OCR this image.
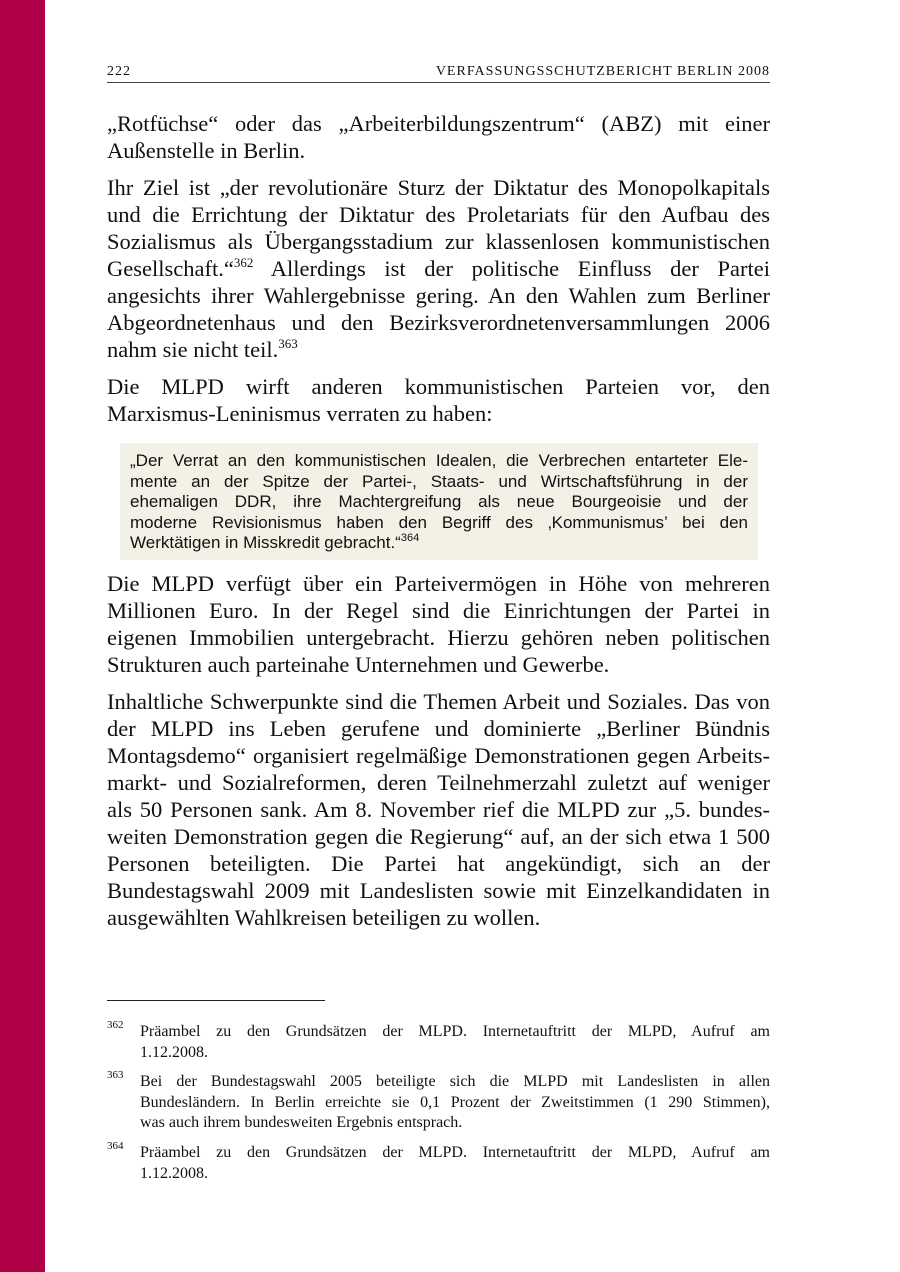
222	VERFASSUNGSSCHUTZBERICHT BERLIN 2008
„Rotfüchse“ oder das „Arbeiterbildungszentrum“ (ABZ) mit einer
Außenstelle in Berlin.
Ihr Ziel ist „der revolutionäre Sturz der Diktatur des Monopolkapitals
und die Errichtung der Diktatur des Proletariats für den Aufbau des
Sozialismus als Übergangsstadium zur klassenlosen kommunistischen
Gesellschaft.“$^{362}$ Allerdings ist der politische Einfluss der Partei
angesichts ihrer Wahlergebnisse gering. An den Wahlen zum Berliner
Abgeordnetenhaus und den Bezirksverordnetenversammlungen 2006
nahm sie nicht teil.$^{363}$
Die MLPD wirft anderen kommunistischen Parteien vor, den
Marxismus-Leninismus verraten zu haben:
„Der Verrat an den kommunistischen Idealen, die Verbrechen entarteter Ele-
mente an der Spitze der Partei-, Staats- und Wirtschaftsführung in der
ehemaligen DDR, ihre Machtergreifung als neue Bourgeoisie und der
moderne Revisionismus haben den Begriff des ‚Kommunismus’ bei den
Werktätigen in Misskredit gebracht.“$^{364}$
Die MLPD verfügt über ein Parteivermögen in Höhe von mehreren
Millionen Euro. In der Regel sind die Einrichtungen der Partei in
eigenen Immobilien untergebracht. Hierzu gehören neben politischen
Strukturen auch parteinahe Unternehmen und Gewerbe.
Inhaltliche Schwerpunkte sind die Themen Arbeit und Soziales. Das von
der MLPD ins Leben gerufene und dominierte „Berliner Bündnis
Montagsdemo“ organisiert regelmäßige Demonstrationen gegen Arbeits-
markt- und Sozialreformen, deren Teilnehmerzahl zuletzt auf weniger
als 50 Personen sank. Am 8. November rief die MLPD zur „5. bundes-
weiten Demonstration gegen die Regierung“ auf, an der sich etwa 1 500
Personen beteiligten. Die Partei hat angekündigt, sich an der
Bundestagswahl 2009 mit Landeslisten sowie mit Einzelkandidaten in
ausgewählten Wahlkreisen beteiligen zu wollen.
362 Präambel zu den Grundsätzen der MLPD. Internetauftritt der MLPD, Aufruf am
1.12.2008.
363 Bei der Bundestagswahl 2005 beteiligte sich die MLPD mit Landeslisten in allen
Bundesländern. In Berlin erreichte sie 0,1 Prozent der Zweitstimmen (1 290 Stimmen),
was auch ihrem bundesweiten Ergebnis entsprach.
364 Präambel zu den Grundsätzen der MLPD. Internetauftritt der MLPD, Aufruf am
1.12.2008.
